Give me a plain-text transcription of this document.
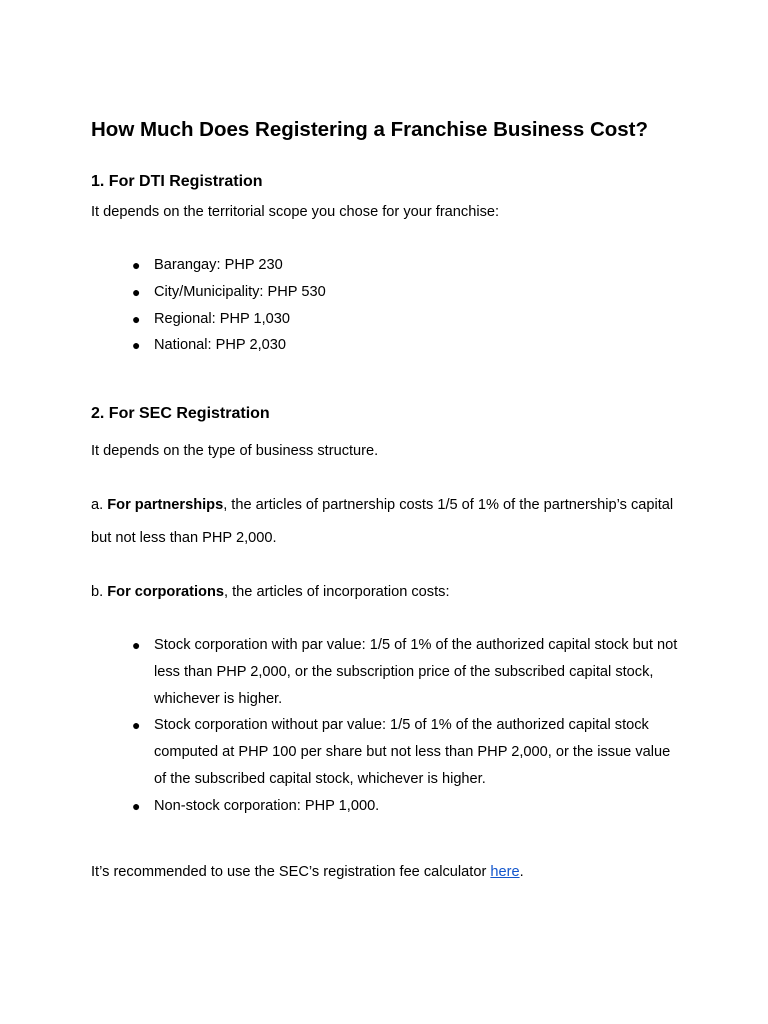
How Much Does Registering a Franchise Business Cost?
1. For DTI Registration

It depends on the territorial scope you chose for your franchise:

● Barangay: PHP 230
● City/Municipality: PHP 530
● Regional: PHP 1,030
● National: PHP 2,030
2. For SEC Registration

It depends on the type of business structure.

a. For partnerships, the articles of partnership costs 1/5 of 1% of the partnership’s capital but not less than PHP 2,000.

b. For corporations, the articles of incorporation costs:

● Stock corporation with par value: 1/5 of 1% of the authorized capital stock but not less than PHP 2,000, or the subscription price of the subscribed capital stock, whichever is higher.
● Stock corporation without par value: 1/5 of 1% of the authorized capital stock computed at PHP 100 per share but not less than PHP 2,000, or the issue value of the subscribed capital stock, whichever is higher.
● Non-stock corporation: PHP 1,000.

It’s recommended to use the SEC’s registration fee calculator here.
